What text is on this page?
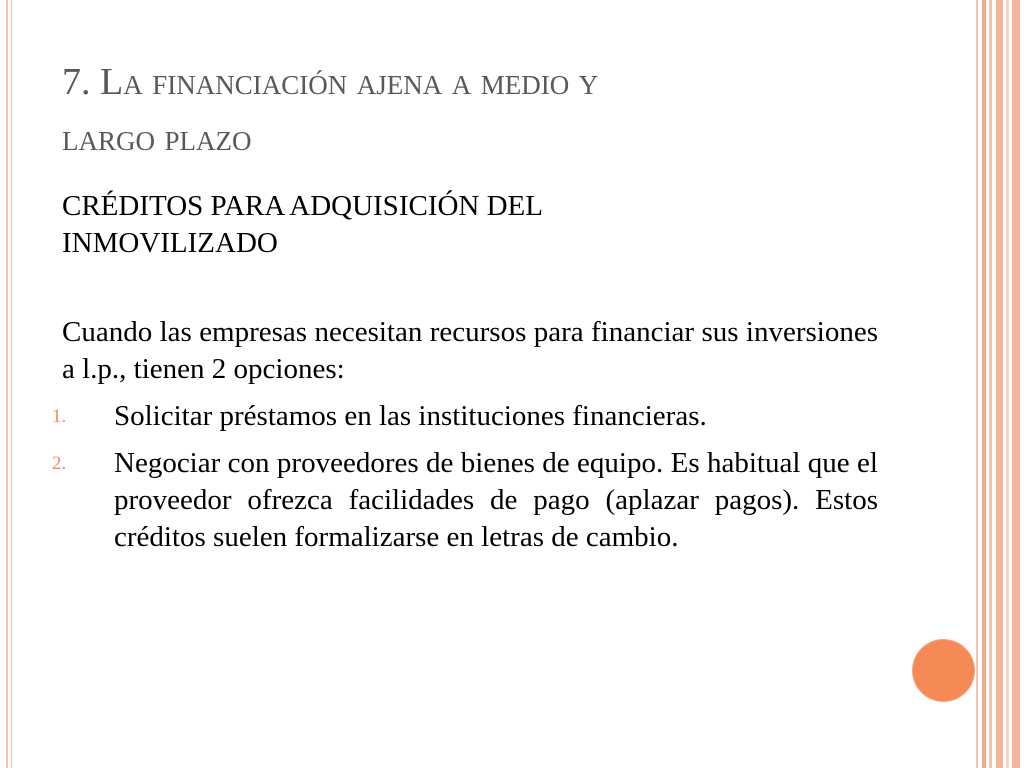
7. La financiación ajena a medio y
largo plazo

CRÉDITOS PARA ADQUISICIÓN DEL

INMOVILIZADO

Cuando las empresas necesitan recursos para financiar sus inversiones a l.p., tienen 2 opciones:

1. Solicitar préstamos en las instituciones financieras.
2. Negociar con proveedores de bienes de equipo. Es habitual que el proveedor ofrezca facilidades de pago (aplazar pagos). Estos créditos suelen formalizarse en letras de cambio.
